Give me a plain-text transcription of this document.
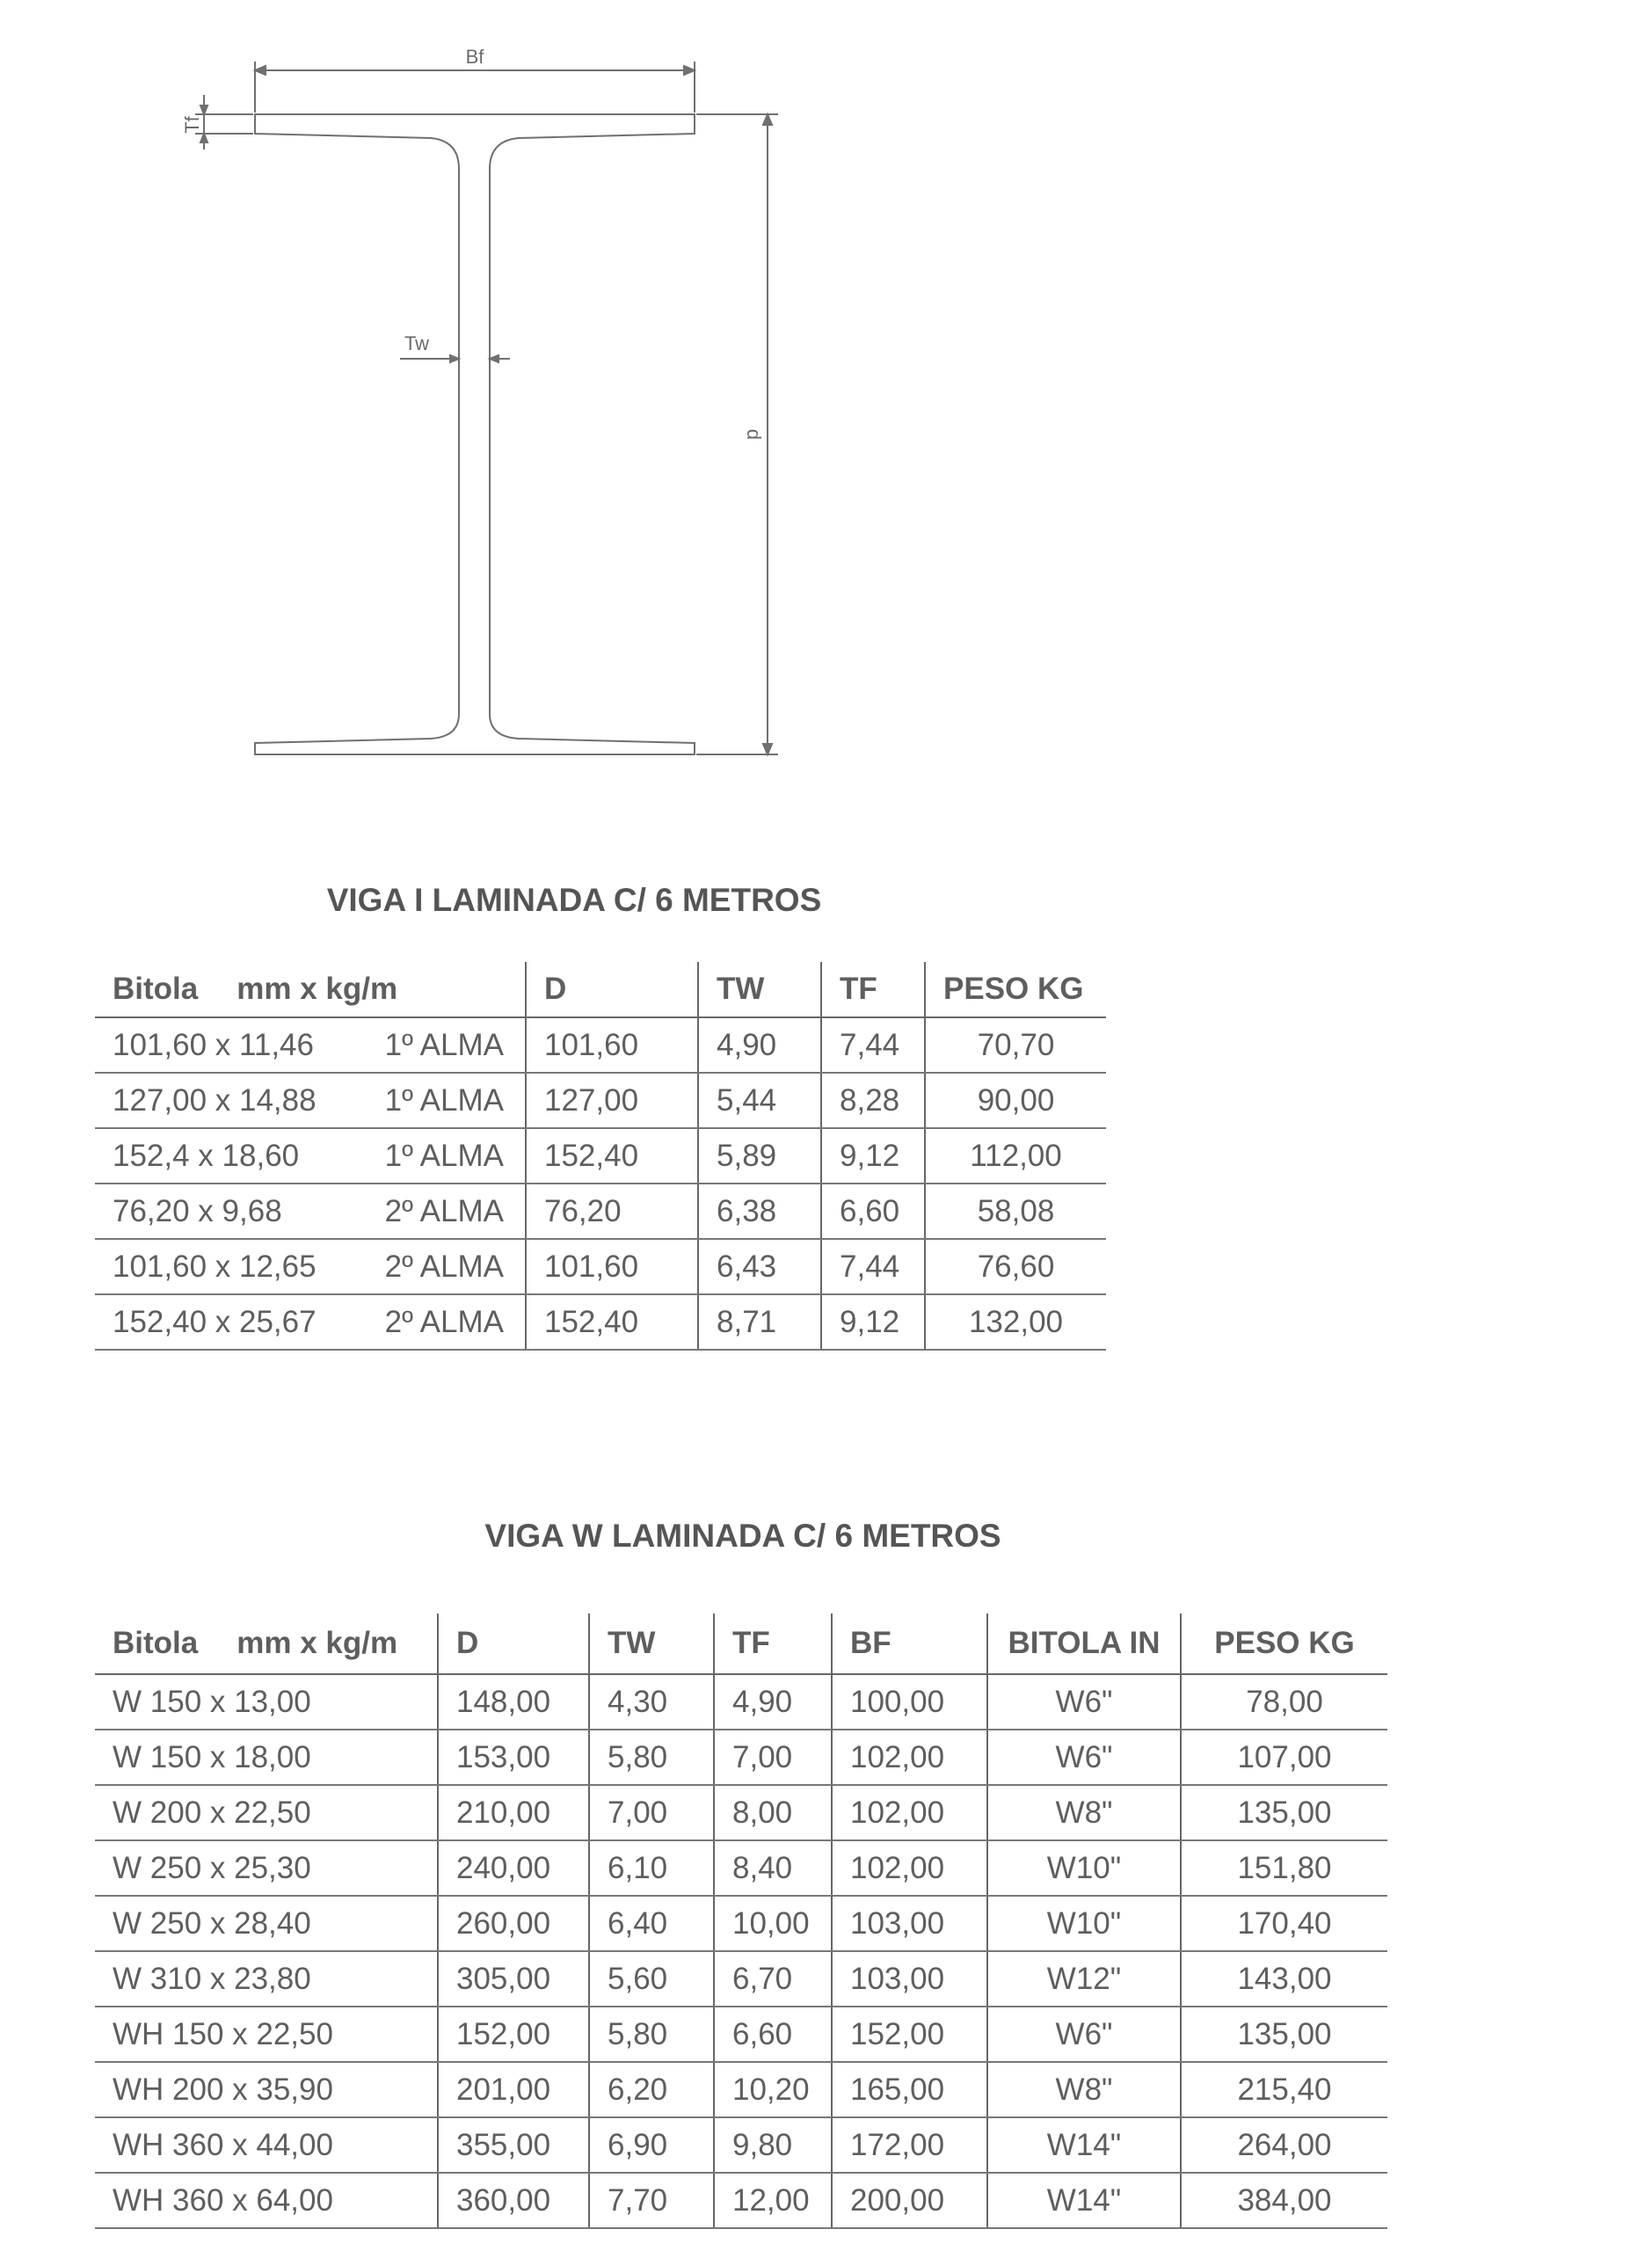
Bf
Tf
Tw
d
VIGA I LAMINADA C/ 6 METROS
Bitola mm x kg/m	D	TW	TF	PESO KG
101,60 x 11,46 1º ALMA	101,60	4,90	7,44	70,70
127,00 x 14,88 1º ALMA	127,00	5,44	8,28	90,00
152,4 x 18,60 1º ALMA	152,40	5,89	9,12	112,00
76,20 x 9,68 2º ALMA	76,20	6,38	6,60	58,08
101,60 x 12,65 2º ALMA	101,60	6,43	7,44	76,60
152,40 x 25,67 2º ALMA	152,40	8,71	9,12	132,00
VIGA W LAMINADA C/ 6 METROS
Bitola mm x kg/m	D	TW	TF	BF	BITOLA IN	PESO KG
W 150 x 13,00	148,00	4,30	4,90	100,00	W6"	78,00
W 150 x 18,00	153,00	5,80	7,00	102,00	W6"	107,00
W 200 x 22,50	210,00	7,00	8,00	102,00	W8"	135,00
W 250 x 25,30	240,00	6,10	8,40	102,00	W10"	151,80
W 250 x 28,40	260,00	6,40	10,00	103,00	W10"	170,40
W 310 x 23,80	305,00	5,60	6,70	103,00	W12"	143,00
WH 150 x 22,50	152,00	5,80	6,60	152,00	W6"	135,00
WH 200 x 35,90	201,00	6,20	10,20	165,00	W8"	215,40
WH 360 x 44,00	355,00	6,90	9,80	172,00	W14"	264,00
WH 360 x 64,00	360,00	7,70	12,00	200,00	W14"	384,00
